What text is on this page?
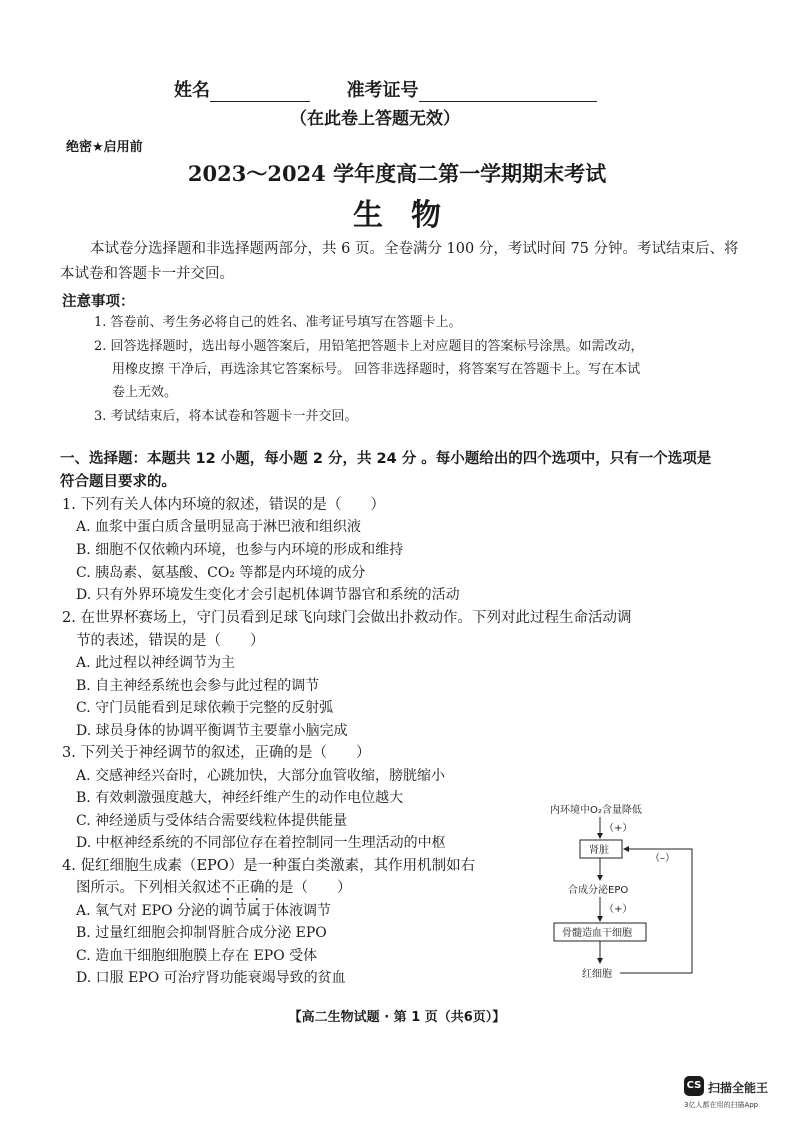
姓名	准考证号
（在此卷上答题无效）
绝密★启用前
2023～2024 学年度高二第一学期期末考试
生物
本试卷分选择题和非选择题两部分，共 6 页。全卷满分 100 分，考试时间 75 分钟。考试结束后、将本试卷和答题卡一并交回。
注意事项：
1. 答卷前、考生务必将自己的姓名、准考证号填写在答题卡上。
2. 回答选择题时，选出每小题答案后，用铅笔把答题卡上对应题目的答案标号涂黑。如需改动，
用橡皮擦 干净后，再选涂其它答案标号。 回答非选择题时，将答案写在答题卡上。写在本试
卷上无效。
3. 考试结束后，将本试卷和答题卡一并交回。
一、选择题：本题共 12 小题，每小题 2 分，共 24 分 。每小题给出的四个选项中，只有一个选项是符合题目要求的。
1. 下列有关人体内环境的叙述，错误的是（　　）
A. 血浆中蛋白质含量明显高于淋巴液和组织液
B. 细胞不仅依赖内环境，也参与内环境的形成和维持
C. 胰岛素、氨基酸、CO₂ 等都是内环境的成分
D. 只有外界环境发生变化才会引起机体调节器官和系统的活动
2. 在世界杯赛场上，守门员看到足球飞向球门会做出扑救动作。下列对此过程生命活动调
节的表述，错误的是（　　）
A. 此过程以神经调节为主
B. 自主神经系统也会参与此过程的调节
C. 守门员能看到足球依赖于完整的反射弧
D. 球员身体的协调平衡调节主要靠小脑完成
3. 下列关于神经调节的叙述，正确的是（　　）
A. 交感神经兴奋时，心跳加快，大部分血管收缩，膀胱缩小
B. 有效刺激强度越大，神经纤维产生的动作电位越大
C. 神经递质与受体结合需要线粒体提供能量
D. 中枢神经系统的不同部位存在着控制同一生理活动的中枢
4. 促红细胞生成素（EPO）是一种蛋白类激素，其作用机制如右
图所示。下列相关叙述不正确的是（　　）
A. 氧气对 EPO 分泌的调节属于体液调节
B. 过量红细胞会抑制肾脏合成分泌 EPO
C. 造血干细胞细胞膜上存在 EPO 受体
D. 口服 EPO 可治疗肾功能衰竭导致的贫血
内环境中O₂含量降低
（+）
肾脏
合成分泌EPO
（+）
骨髓造血干细胞
红细胞
（–）
【高二生物试题 · 第 1 页（共6页）】
CS 扫描全能王
3亿人都在用的扫描App
